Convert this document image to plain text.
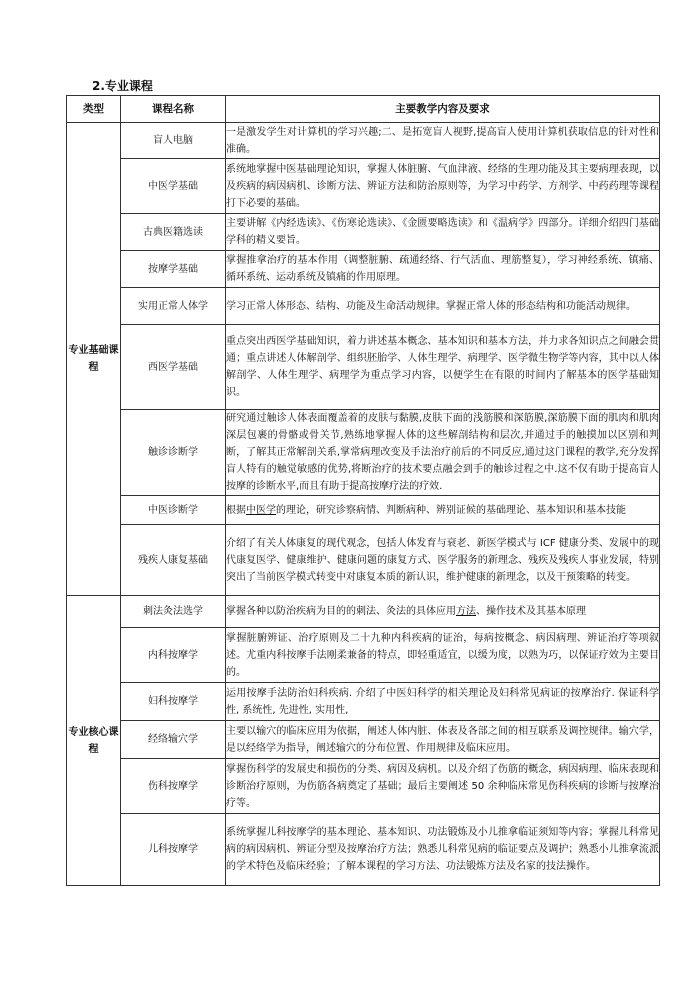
2.专业课程
类型	课程名称	主要教学内容及要求
专业基础课程	盲人电脑	一是激发学生对计算机的学习兴趣;二、是拓宽盲人视野,提高盲人使用计算机获取信息的针对性和准确。
	中医学基础	系统地掌握中医基础理论知识，掌握人体脏腑、气血津液、经络的生理功能及其主要病理表现，以及疾病的病因病机、诊断方法、辨证方法和防治原则等，为学习中药学、方剂学、中药药理等课程打下必要的基础。
	古典医籍选读	主要讲解《内经选读》、《伤寒论选读》、《金匮要略选读》和《温病学》四部分。详细介绍四门基础学科的精义要旨。
	按摩学基础	掌握推拿治疗的基本作用（调整脏腑、疏通经络、行气活血、理筋整复），学习神经系统、镇痛、循环系统、运动系统及镇痛的作用原理。
	实用正常人体学	学习正常人体形态、结构、功能及生命活动规律。掌握正常人体的形态结构和功能活动规律。
	西医学基础	重点突出西医学基础知识，着力讲述基本概念、基本知识和基本方法，并力求各知识点之间融会贯通；重点讲述人体解剖学、组织胚胎学、人体生理学、病理学、医学微生物学等内容，其中以人体解剖学、人体生理学、病理学为重点学习内容，以便学生在有限的时间内了解基本的医学基础知识。
	触诊诊断学	研究通过触诊人体表面覆盖着的皮肤与黏膜,皮肤下面的浅筋膜和深筋膜,深筋膜下面的肌肉和肌肉深层包裹的骨骼或骨关节,熟练地掌握人体的这些解剖结构和层次,并通过手的触摸加以区别和判断，了解其正常解剖关系,掌常病理改变及手法治疗前后的不同反应,通过这门课程的教学,充分发挥盲人特有的触觉敏感的优势,将断治疗的技术要点融会到手的触诊过程之中.这不仅有助于提高盲人按摩的诊断水平,而且有助于提高按摩疗法的疗效.
	中医诊断学	根据中医学的理论，研究诊察病情、判断病种、辨别证候的基础理论、基本知识和基本技能
	残疾人康复基础	介绍了有关人体康复的现代观念，包括人体发育与衰老、新医学模式与 ICF 健康分类、发展中的现代康复医学、健康维护、健康问题的康复方式、医学服务的新理念、残疾及残疾人事业发展，特别突出了当前医学模式转变中对康复本质的新认识，维护健康的新理念，以及干预策略的转变。
专业核心课程	刺法灸法选学	掌握各种以防治疾病为目的的刺法、灸法的具体应用方法、操作技术及其基本原理
	内科按摩学	掌握脏腑辨证、治疗原则及二十九种内科疾病的证治，每病按概念、病因病理、辨证治疗等项叙述。尤重内科按摩手法刚柔兼备的特点，即轻重适宜，以缓为度，以熟为巧，以保证疗效为主要目的。
	妇科按摩学	运用按摩手法防治妇科疾病. 介绍了中医妇科学的相关理论及妇科常见病证的按摩治疗. 保证科学性, 系统性, 先进性, 实用性,
	经络输穴学	主要以输穴的临床应用为依据，阐述人体内脏、体表及各部之间的相互联系及调控规律。输穴学，是以经络学为指导，阐述输穴的分布位置、作用规律及临床应用。
	伤科按摩学	掌握伤科学的发展史和损伤的分类、病因及病机。以及介绍了伤筋的概念，病因病理、临床表现和诊断治疗原则，为伤筋各病奠定了基础；最后主要阐述 50 余种临床常见伤科疾病的诊断与按摩治疗等。
	儿科按摩学	系统掌握儿科按摩学的基本理论、基本知识、功法锻炼及小儿推拿临证须知等内容；掌握儿科常见病的病因病机、辨证分型及按摩治疗方法；熟悉儿科常见病的临证要点及调护；熟悉小儿推拿流派的学术特色及临床经验；了解本课程的学习方法、功法锻炼方法及名家的技法操作。
